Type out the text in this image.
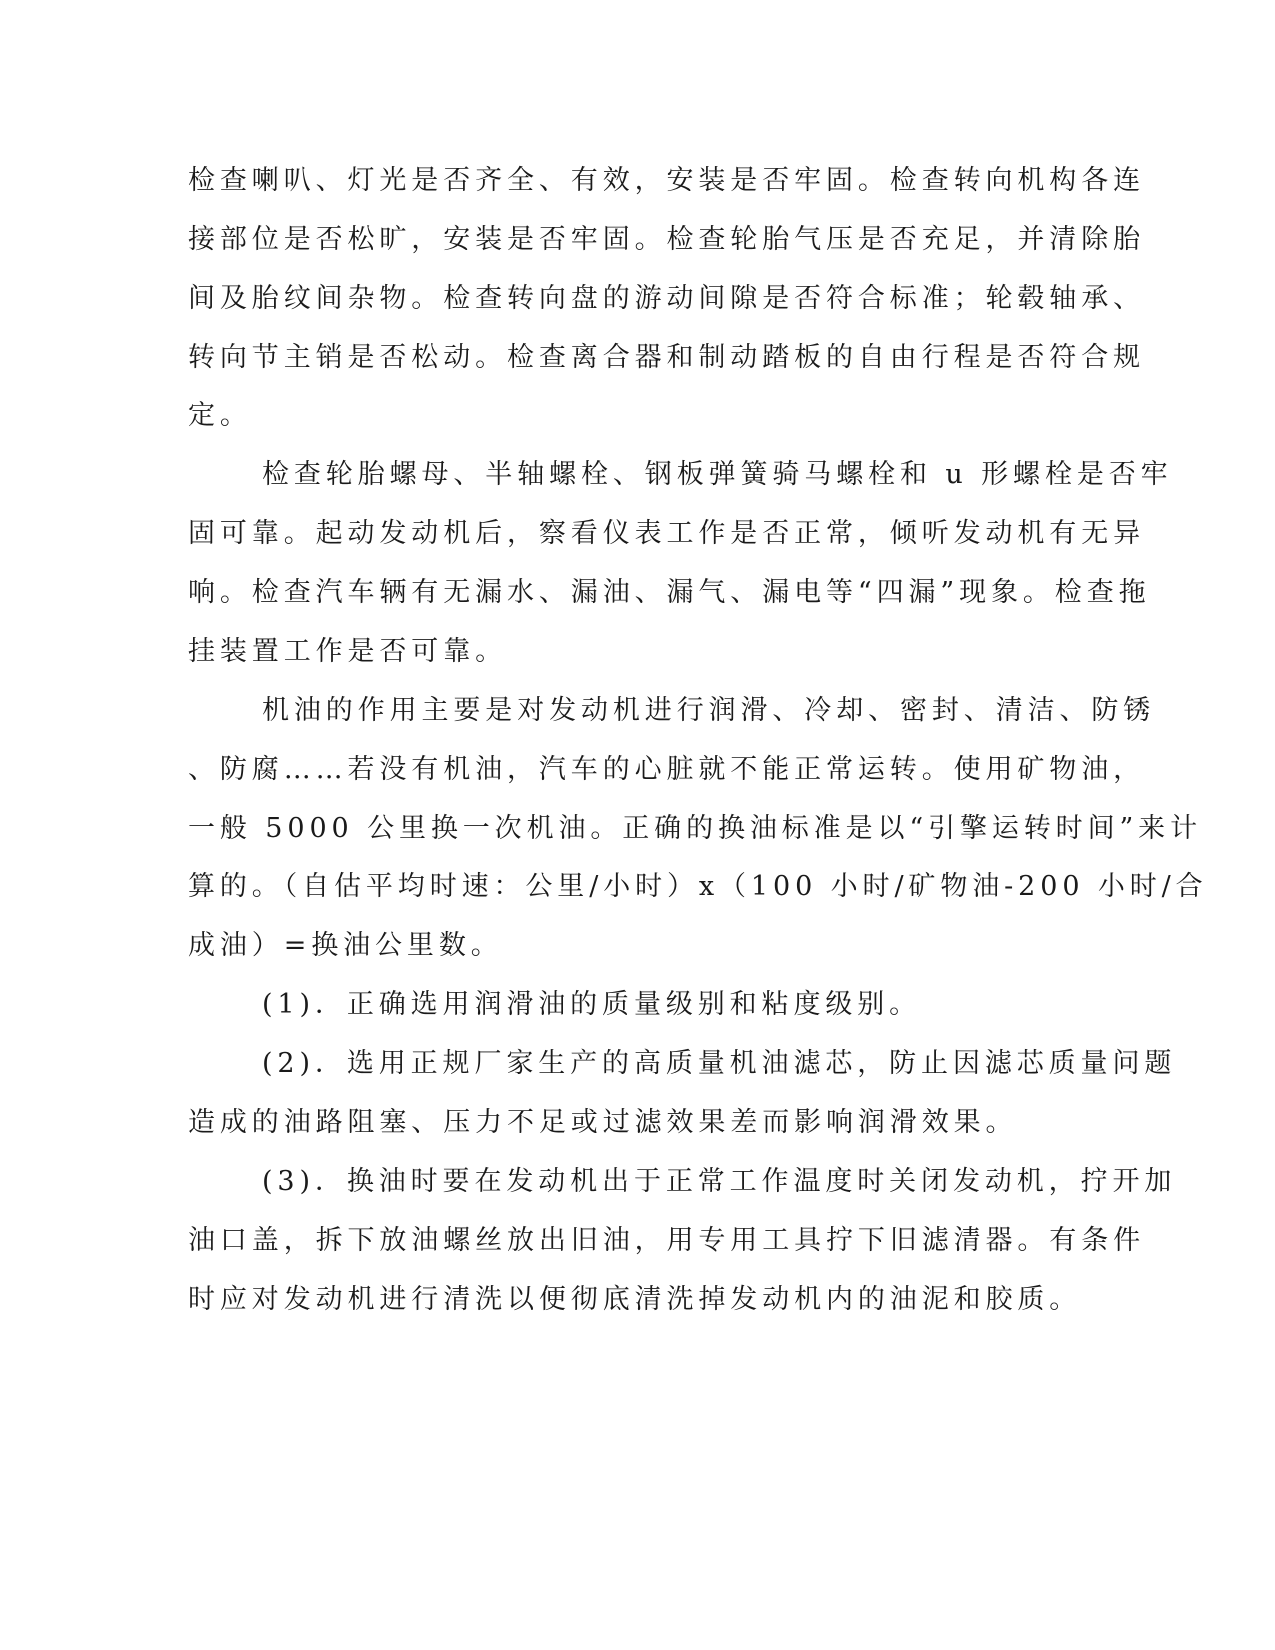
检查喇叭、灯光是否齐全、有效，安装是否牢固。检查转向机构各连

接部位是否松旷，安装是否牢固。检查轮胎气压是否充足，并清除胎

间及胎纹间杂物。检查转向盘的游动间隙是否符合标准；轮毂轴承、

转向节主销是否松动。检查离合器和制动踏板的自由行程是否符合规

定。

检查轮胎螺母、半轴螺栓、钢板弹簧骑马螺栓和 u 形螺栓是否牢

固可靠。起动发动机后，察看仪表工作是否正常，倾听发动机有无异

响。检查汽车辆有无漏水、漏油、漏气、漏电等“四漏”现象。检查拖

挂装置工作是否可靠。

机油的作用主要是对发动机进行润滑、冷却、密封、清洁、防锈

、防腐……若没有机油，汽车的心脏就不能正常运转。使用矿物油，

一般 5000 公里换一次机油。正确的换油标准是以“引擎运转时间”来计

算的。（自估平均时速：公里/小时）x（100 小时/矿物油-200 小时/合

成油）=换油公里数。

(1)．正确选用润滑油的质量级别和粘度级别。

(2)．选用正规厂家生产的高质量机油滤芯，防止因滤芯质量问题

造成的油路阻塞、压力不足或过滤效果差而影响润滑效果。

(3)．换油时要在发动机出于正常工作温度时关闭发动机，拧开加

油口盖，拆下放油螺丝放出旧油，用专用工具拧下旧滤清器。有条件

时应对发动机进行清洗以便彻底清洗掉发动机内的油泥和胶质。
